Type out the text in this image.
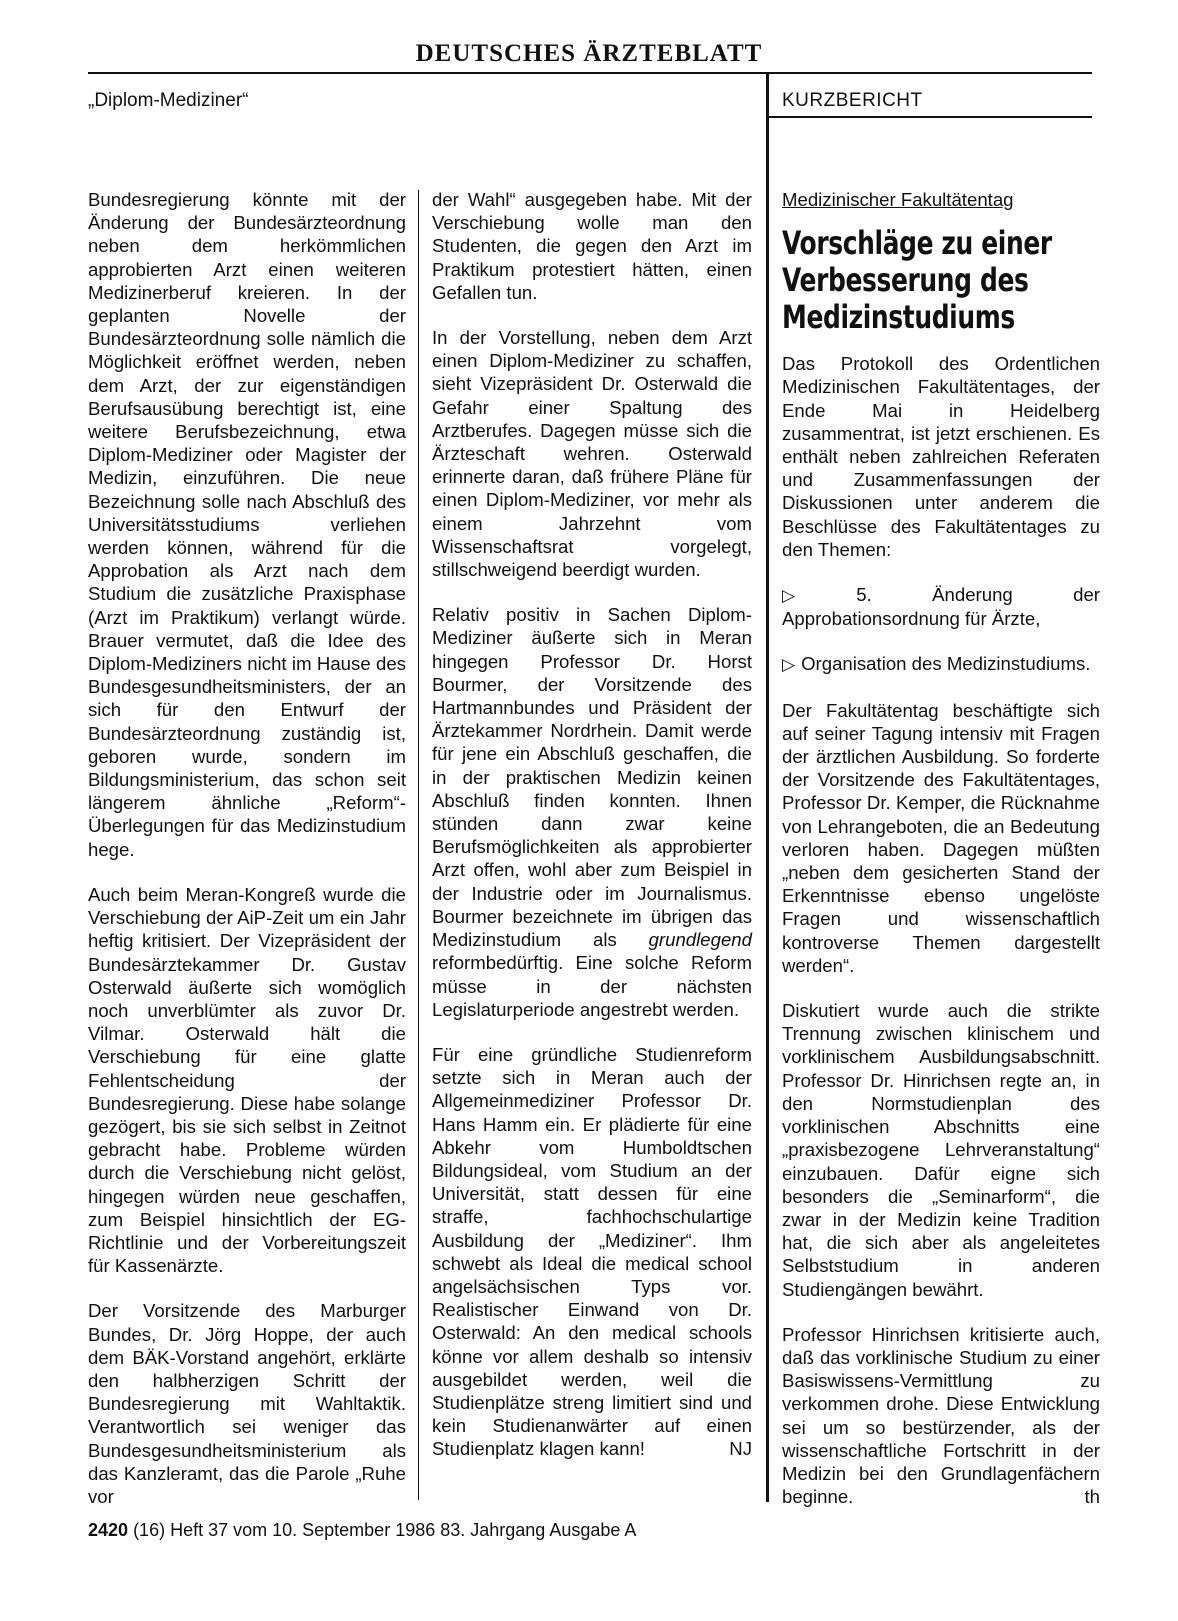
DEUTSCHES ÄRZTEBLATT
„Diplom-Mediziner“	KURZBERICHT

Bundesregierung könnte mit der Änderung der Bundesärzteordnung neben dem herkömmlichen approbierten Arzt einen weiteren Medizinerberuf kreieren. In der geplanten Novelle der Bundesärzteordnung solle nämlich die Möglichkeit eröffnet werden, neben dem Arzt, der zur eigenständigen Berufsausübung berechtigt ist, eine weitere Berufsbezeichnung, etwa Diplom-Mediziner oder Magister der Medizin, einzuführen. Die neue Bezeichnung solle nach Abschluß des Universitätsstudiums verliehen werden können, während für die Approbation als Arzt nach dem Studium die zusätzliche Praxisphase (Arzt im Praktikum) verlangt würde. Brauer vermutet, daß die Idee des Diplom-Mediziners nicht im Hause des Bundesgesundheitsministers, der an sich für den Entwurf der Bundesärzteordnung zuständig ist, geboren wurde, sondern im Bildungsministerium, das schon seit längerem ähnliche „Reform“-Überlegungen für das Medizinstudium hege.

Auch beim Meran-Kongreß wurde die Verschiebung der AiP-Zeit um ein Jahr heftig kritisiert. Der Vizepräsident der Bundesärztekammer Dr. Gustav Osterwald äußerte sich womöglich noch unverblümter als zuvor Dr. Vilmar. Osterwald hält die Verschiebung für eine glatte Fehlentscheidung der Bundesregierung. Diese habe solange gezögert, bis sie sich selbst in Zeitnot gebracht habe. Probleme würden durch die Verschiebung nicht gelöst, hingegen würden neue geschaffen, zum Beispiel hinsichtlich der EG-Richtlinie und der Vorbereitungszeit für Kassenärzte.

Der Vorsitzende des Marburger Bundes, Dr. Jörg Hoppe, der auch dem BÄK-Vorstand angehört, erklärte den halbherzigen Schritt der Bundesregierung mit Wahltaktik. Verantwortlich sei weniger das Bundesgesundheitsministerium als das Kanzleramt, das die Parole „Ruhe vor

der Wahl“ ausgegeben habe. Mit der Verschiebung wolle man den Studenten, die gegen den Arzt im Praktikum protestiert hätten, einen Gefallen tun.

In der Vorstellung, neben dem Arzt einen Diplom-Mediziner zu schaffen, sieht Vizepräsident Dr. Osterwald die Gefahr einer Spaltung des Arztberufes. Dagegen müsse sich die Ärzteschaft wehren. Osterwald erinnerte daran, daß frühere Pläne für einen Diplom-Mediziner, vor mehr als einem Jahrzehnt vom Wissenschaftsrat vorgelegt, stillschweigend beerdigt wurden.

Relativ positiv in Sachen Diplom-Mediziner äußerte sich in Meran hingegen Professor Dr. Horst Bourmer, der Vorsitzende des Hartmannbundes und Präsident der Ärztekammer Nordrhein. Damit werde für jene ein Abschluß geschaffen, die in der praktischen Medizin keinen Abschluß finden konnten. Ihnen stünden dann zwar keine Berufsmöglichkeiten als approbierter Arzt offen, wohl aber zum Beispiel in der Industrie oder im Journalismus. Bourmer bezeichnete im übrigen das Medizinstudium als grundlegend reformbedürftig. Eine solche Reform müsse in der nächsten Legislaturperiode angestrebt werden.

Für eine gründliche Studienreform setzte sich in Meran auch der Allgemeinmediziner Professor Dr. Hans Hamm ein. Er plädierte für eine Abkehr vom Humboldtschen Bildungsideal, vom Studium an der Universität, statt dessen für eine straffe, fachhochschulartige Ausbildung der „Mediziner“. Ihm schwebt als Ideal die medical school angelsächsischen Typs vor. Realistischer Einwand von Dr. Osterwald: An den medical schools könne vor allem deshalb so intensiv ausgebildet werden, weil die Studienplätze streng limitiert sind und kein Studienanwärter auf einen Studienplatz klagen kann!	NJ

Medizinischer Fakultätentag
Vorschläge zu einer Verbesserung des Medizinstudiums

Das Protokoll des Ordentlichen Medizinischen Fakultätentages, der Ende Mai in Heidelberg zusammentrat, ist jetzt erschienen. Es enthält neben zahlreichen Referaten und Zusammenfassungen der Diskussionen unter anderem die Beschlüsse des Fakultätentages zu den Themen:

▷ 5. Änderung der Approbationsordnung für Ärzte,

▷ Organisation des Medizinstudiums.

Der Fakultätentag beschäftigte sich auf seiner Tagung intensiv mit Fragen der ärztlichen Ausbildung. So forderte der Vorsitzende des Fakultätentages, Professor Dr. Kemper, die Rücknahme von Lehrangeboten, die an Bedeutung verloren haben. Dagegen müßten „neben dem gesicherten Stand der Erkenntnisse ebenso ungelöste Fragen und wissenschaftlich kontroverse Themen dargestellt werden“.

Diskutiert wurde auch die strikte Trennung zwischen klinischem und vorklinischem Ausbildungsabschnitt. Professor Dr. Hinrichsen regte an, in den Normstudienplan des vorklinischen Abschnitts eine „praxisbezogene Lehrveranstaltung“ einzubauen. Dafür eigne sich besonders die „Seminarform“, die zwar in der Medizin keine Tradition hat, die sich aber als angeleitetes Selbststudium in anderen Studiengängen bewährt.

Professor Hinrichsen kritisierte auch, daß das vorklinische Studium zu einer Basiswissens-Vermittlung zu verkommen drohe. Diese Entwicklung sei um so bestürzender, als der wissenschaftliche Fortschritt in der Medizin bei den Grundlagenfächern beginne.	th

2420 (16) Heft 37 vom 10. September 1986 83. Jahrgang Ausgabe A
